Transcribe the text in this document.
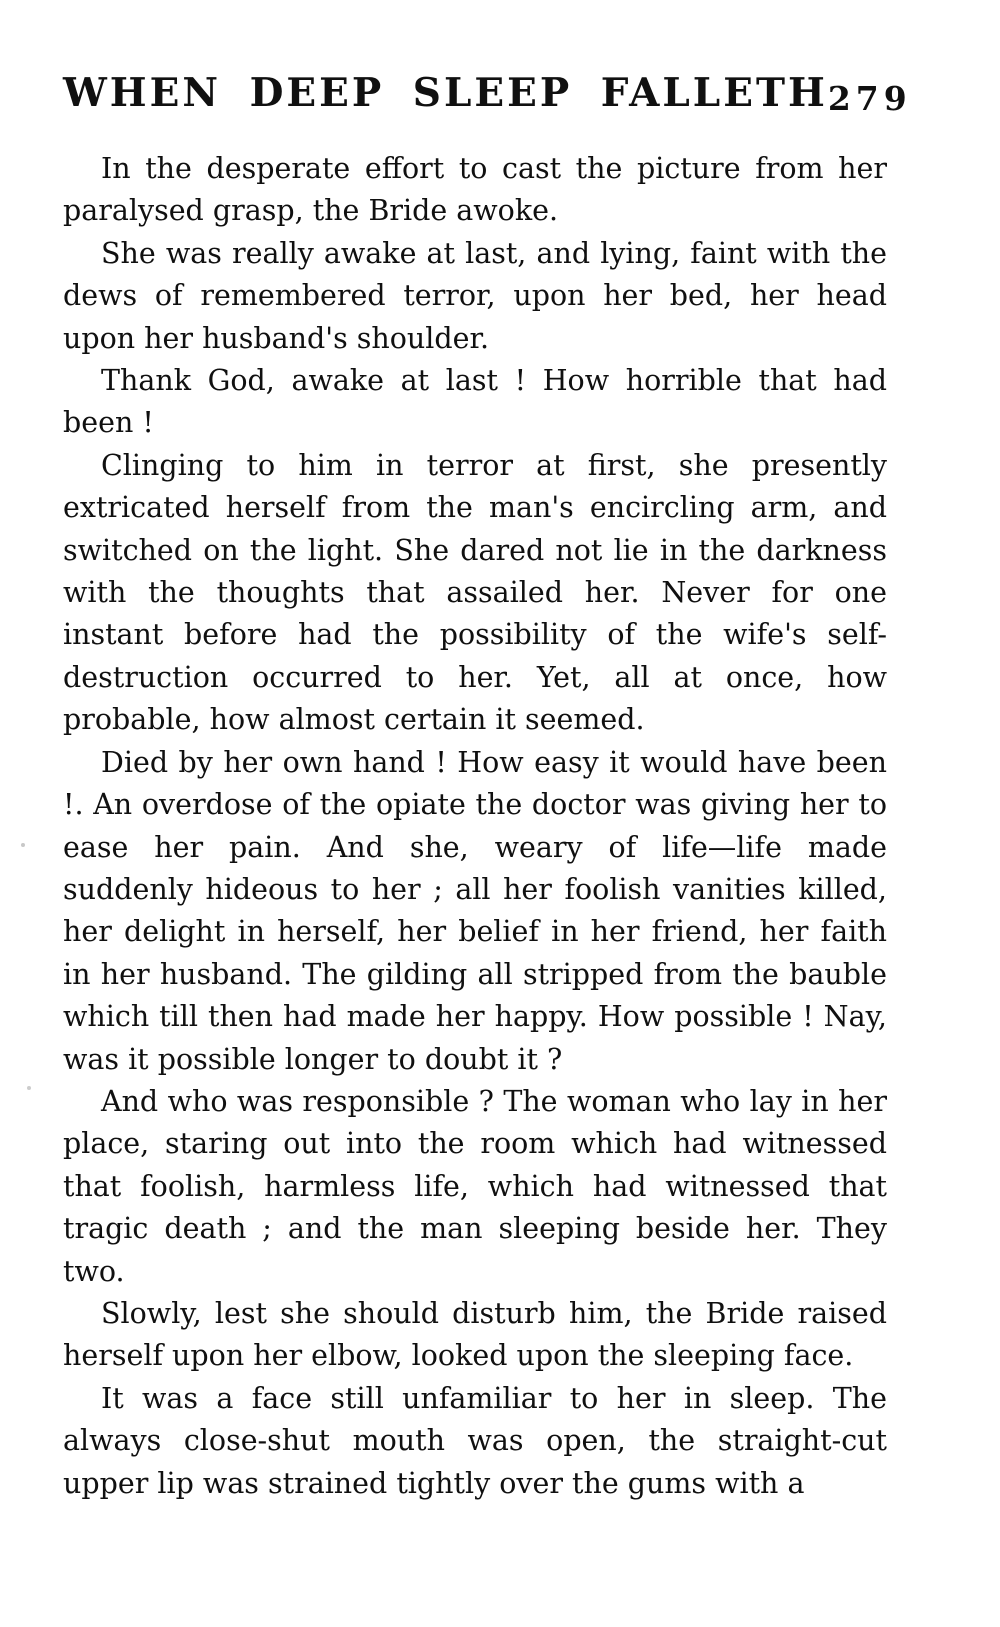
WHEN DEEP SLEEP FALLETH 279

In the desperate effort to cast the picture from her paralysed grasp, the Bride awoke.

She was really awake at last, and lying, faint with the dews of remembered terror, upon her bed, her head upon her husband's shoulder.

Thank God, awake at last ! How horrible that had been !

Clinging to him in terror at first, she presently extricated herself from the man's encircling arm, and switched on the light. She dared not lie in the darkness with the thoughts that assailed her. Never for one instant before had the possibility of the wife's self-destruction occurred to her. Yet, all at once, how probable, how almost certain it seemed.

Died by her own hand ! How easy it would have been !. An overdose of the opiate the doctor was giving her to ease her pain. And she, weary of life—life made suddenly hideous to her ; all her foolish vanities killed, her delight in herself, her belief in her friend, her faith in her husband. The gilding all stripped from the bauble which till then had made her happy. How possible ! Nay, was it possible longer to doubt it ?

And who was responsible ? The woman who lay in her place, staring out into the room which had witnessed that foolish, harmless life, which had witnessed that tragic death ; and the man sleeping beside her. They two.

Slowly, lest she should disturb him, the Bride raised herself upon her elbow, looked upon the sleeping face.

It was a face still unfamiliar to her in sleep. The always close-shut mouth was open, the straight-cut upper lip was strained tightly over the gums with a
